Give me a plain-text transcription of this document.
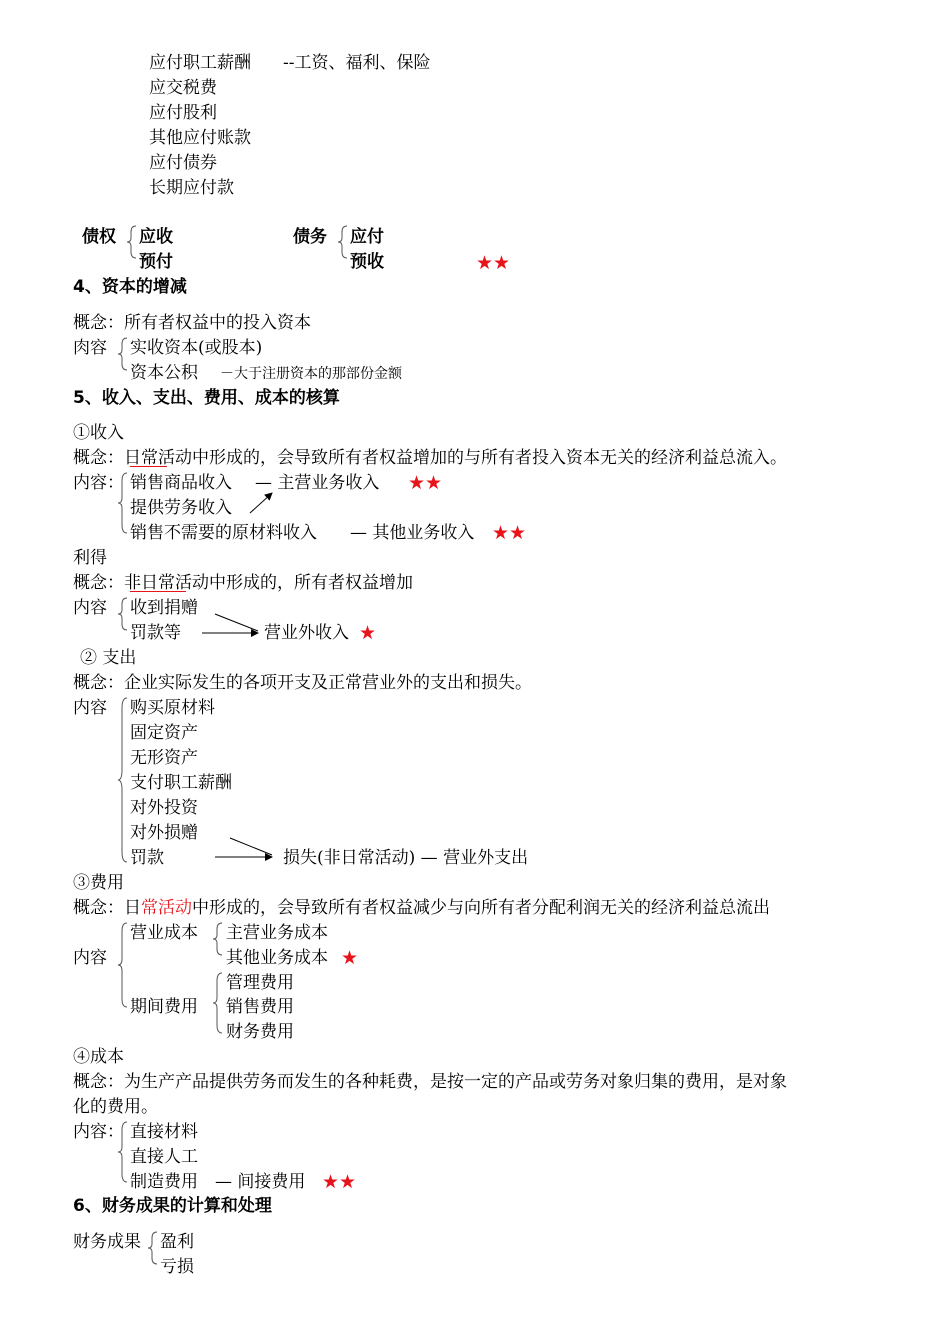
应付职工薪酬 --工资、福利、保险
应交税费
应付股利
其他应付账款
应付债券
长期应付款
债权 应收
预付
债务 应付
预收	★★
4、资本的增减
概念：所有者权益中的投入资本
肉容 实收资本(或股本)
资本公积 －大于注册资本的那部份金额
5、收入、支出、费用、成本的核算
①收入
概念：日常活动中形成的，会导致所有者权益增加的与所有者投入资本无关的经济利益总流入。
内容： 销售商品收入 — 主营业务收入 ★★
提供劳务收入
销售不需要的原材料收入 — 其他业务收入 ★★
利得
概念：非日常活动中形成的，所有者权益增加
内容 收到捐赠
罚款等	营业外收入 ★
② 支出
概念：企业实际发生的各项开支及正常营业外的支出和损失。
内容 购买原材料
固定资产
无形资产
支付职工薪酬
对外投资
对外损赠
罚款	损失(非日常活动) — 营业外支出
③费用
概念：日常活动中形成的，会导致所有者权益减少与向所有者分配利润无关的经济利益总流出
内容
营业成本 主营业务成本
其他业务成本 ★
期间费用
管理费用
销售费用
财务费用
④成本
概念：为生产产品提供劳务而发生的各种耗费，是按一定的产品或劳务对象归集的费用，是对象
化的费用。
内容： 直接材料
直接人工
制造费用 — 间接费用 ★★
6、财务成果的计算和处理
财务成果 盈利
亏损
